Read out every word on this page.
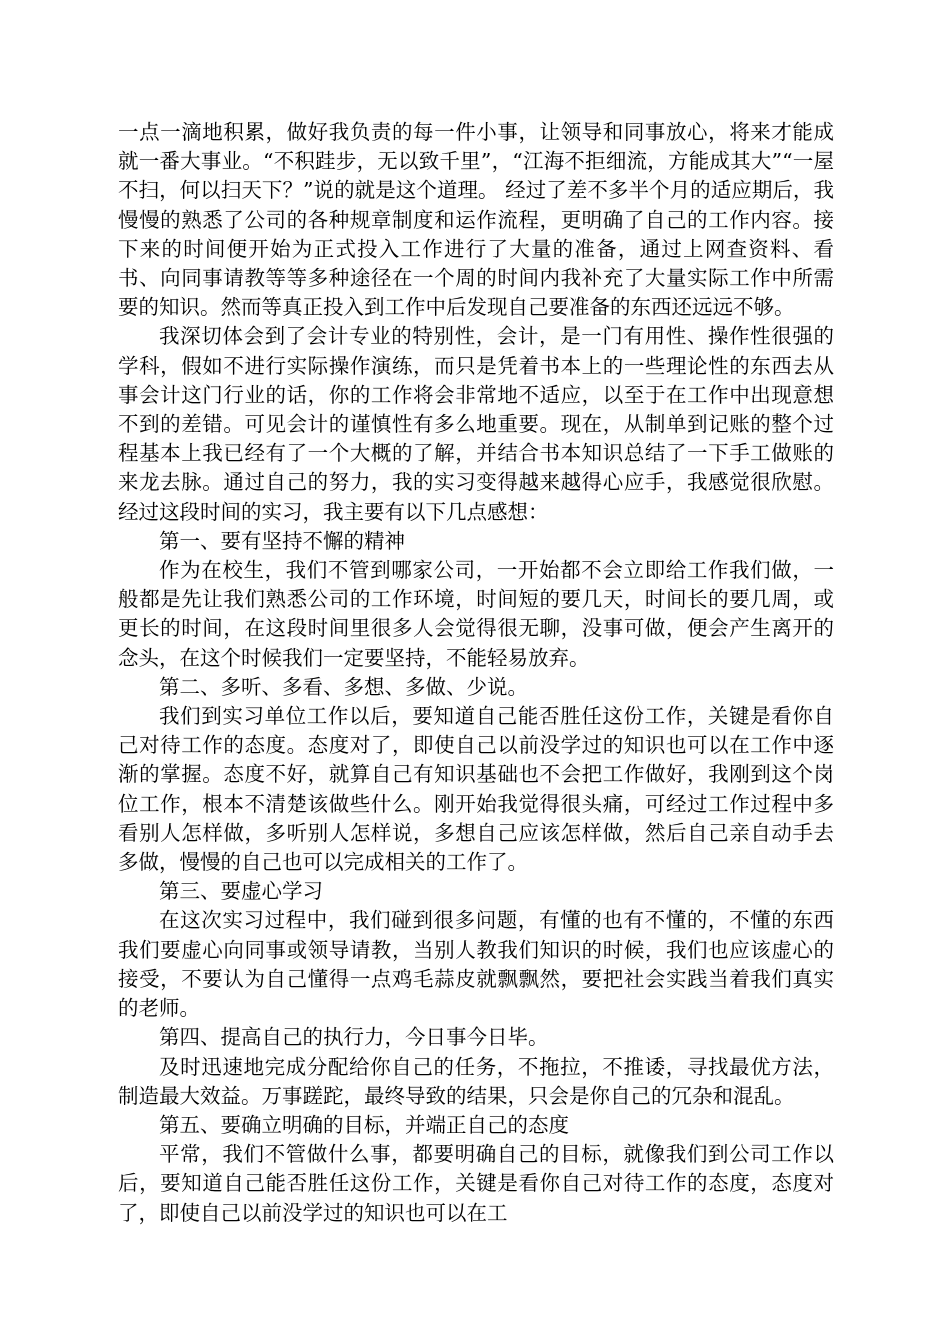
一点一滴地积累，做好我负责的每一件小事，让领导和同事放心，将来才能成就一番大事业。“不积跬步，无以致千里”，“江海不拒细流，方能成其大”“一屋不扫，何以扫天下？”说的就是这个道理。 经过了差不多半个月的适应期后，我慢慢的熟悉了公司的各种规章制度和运作流程，更明确了自己的工作内容。接下来的时间便开始为正式投入工作进行了大量的准备，通过上网查资料、看书、向同事请教等等多种途径在一个周的时间内我补充了大量实际工作中所需要的知识。然而等真正投入到工作中后发现自己要准备的东西还远远不够。

我深切体会到了会计专业的特别性，会计，是一门有用性、操作性很强的学科，假如不进行实际操作演练，而只是凭着书本上的一些理论性的东西去从事会计这门行业的话，你的工作将会非常地不适应，以至于在工作中出现意想不到的差错。可见会计的谨慎性有多么地重要。现在，从制单到记账的整个过程基本上我已经有了一个大概的了解，并结合书本知识总结了一下手工做账的来龙去脉。通过自己的努力，我的实习变得越来越得心应手，我感觉很欣慰。经过这段时间的实习，我主要有以下几点感想：

第一、要有坚持不懈的精神

作为在校生，我们不管到哪家公司，一开始都不会立即给工作我们做，一般都是先让我们熟悉公司的工作环境，时间短的要几天，时间长的要几周，或更长的时间，在这段时间里很多人会觉得很无聊，没事可做，便会产生离开的念头，在这个时候我们一定要坚持，不能轻易放弃。

第二、多听、多看、多想、多做、少说。

我们到实习单位工作以后，要知道自己能否胜任这份工作，关键是看你自己对待工作的态度。态度对了，即使自己以前没学过的知识也可以在工作中逐渐的掌握。态度不好，就算自己有知识基础也不会把工作做好，我刚到这个岗位工作，根本不清楚该做些什么。刚开始我觉得很头痛，可经过工作过程中多看别人怎样做，多听别人怎样说，多想自己应该怎样做，然后自己亲自动手去多做，慢慢的自己也可以完成相关的工作了。

第三、要虚心学习

在这次实习过程中，我们碰到很多问题，有懂的也有不懂的，不懂的东西我们要虚心向同事或领导请教，当别人教我们知识的时候，我们也应该虚心的接受，不要认为自己懂得一点鸡毛蒜皮就飘飘然，要把社会实践当着我们真实的老师。

第四、提高自己的执行力，今日事今日毕。

及时迅速地完成分配给你自己的任务，不拖拉，不推诿，寻找最优方法，制造最大效益。万事蹉跎，最终导致的结果，只会是你自己的冗杂和混乱。

第五、要确立明确的目标，并端正自己的态度

平常，我们不管做什么事，都要明确自己的目标，就像我们到公司工作以后，要知道自己能否胜任这份工作，关键是看你自己对待工作的态度，态度对了，即使自己以前没学过的知识也可以在工
